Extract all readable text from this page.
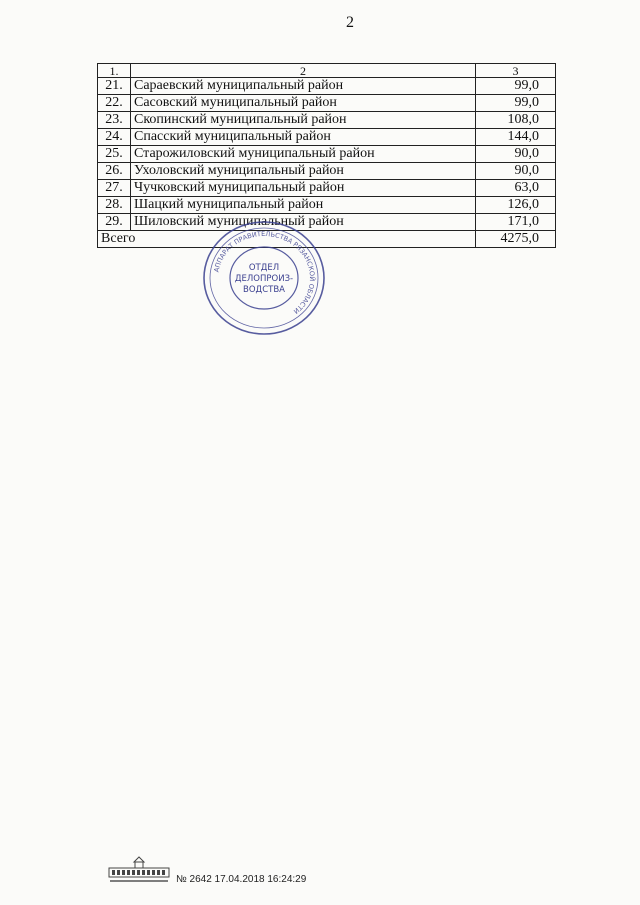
2
1.	2	3
21.	Сараевский муниципальный район	99,0
22.	Сасовский муниципальный район	99,0
23.	Скопинский муниципальный район	108,0
24.	Спасский муниципальный район	144,0
25.	Старожиловский муниципальный район	90,0
26.	Ухоловский муниципальный район	90,0
27.	Чучковский муниципальный район	63,0
28.	Шацкий муниципальный район	126,0
29.	Шиловский муниципальный район	171,0
Всего		4275,0
АППАРАТ ПРАВИТЕЛЬСТВА РЯЗАНСКОЙ ОБЛАСТИ
ОТДЕЛ
ДЕЛОПРОИЗ-
ВОДСТВА
№ 2642 17.04.2018 16:24:29
